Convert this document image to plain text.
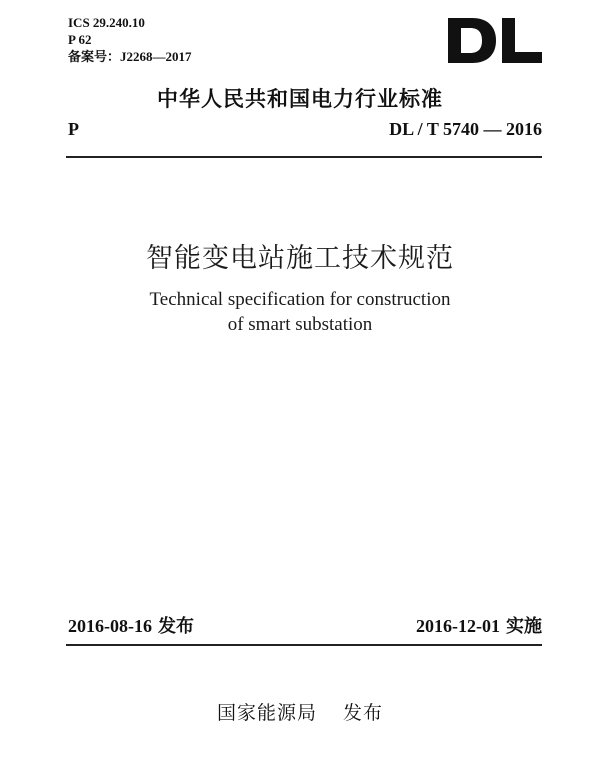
ICS 29.240.10
P 62
备案号：J2268—2017
中华人民共和国电力行业标准
P	DL / T 5740 — 2016
智能变电站施工技术规范
Technical specification for construction
of smart substation
2016-08-16 发布	2016-12-01 实施
国家能源局 发布
